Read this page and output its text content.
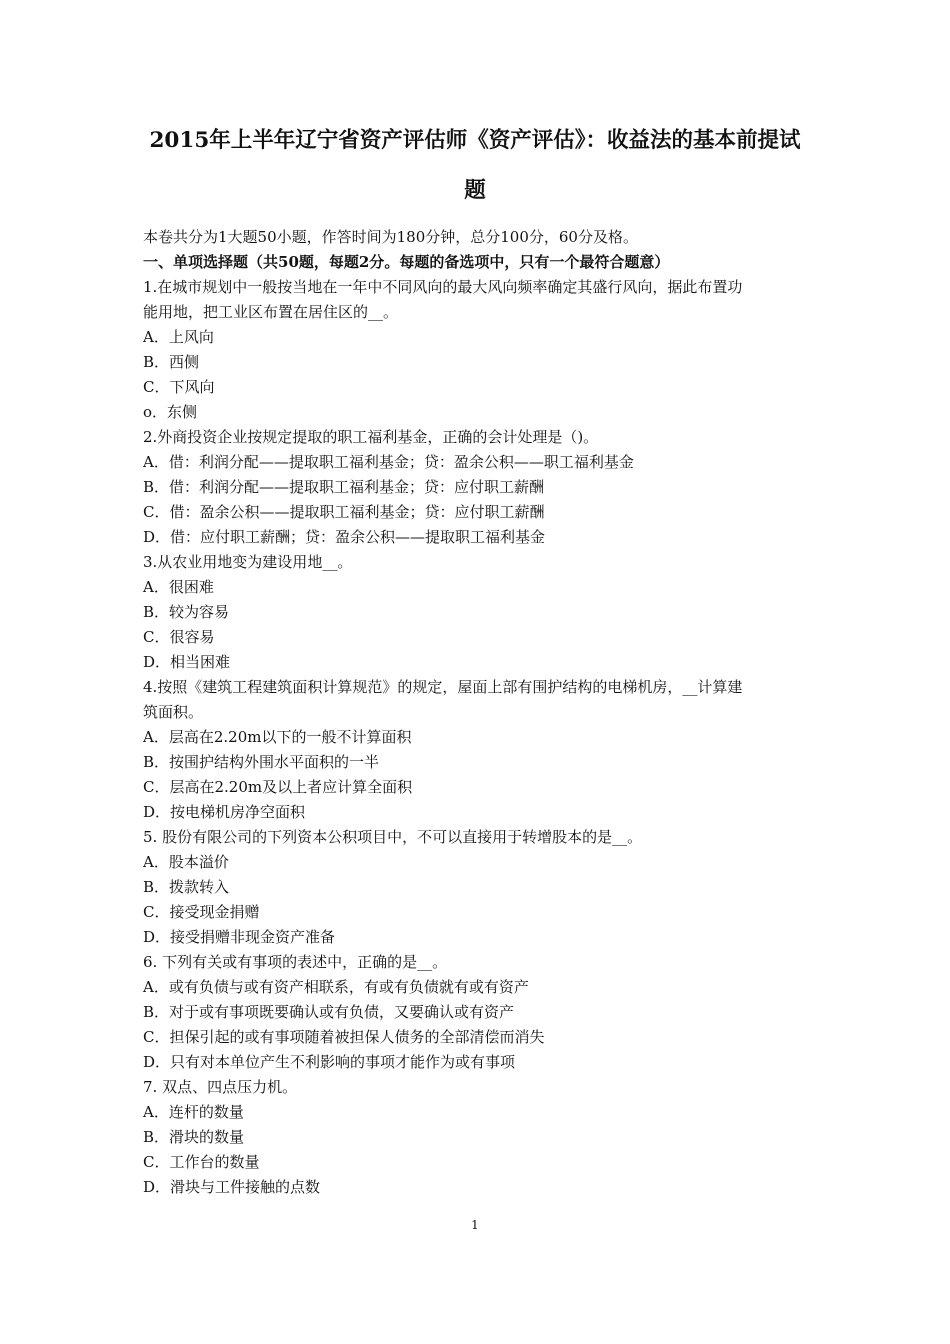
2015年上半年辽宁省资产评估师《资产评估》：收益法的基本前提试
题
本卷共分为1大题50小题，作答时间为180分钟，总分100分，60分及格。
一、单项选择题（共50题，每题2分。每题的备选项中，只有一个最符合题意）
1.在城市规划中一般按当地在一年中不同风向的最大风向频率确定其盛行风向，据此布置功
能用地，把工业区布置在居住区的__。
A．上风向
B．西侧
C．下风向
o．东侧
2.外商投资企业按规定提取的职工福利基金，正确的会计处理是（)。
A．借：利润分配——提取职工福利基金；贷：盈余公积——职工福利基金
B．借：利润分配——提取职工福利基金；贷：应付职工薪酬
C．借：盈余公积——提取职工福利基金；贷：应付职工薪酬
D．借：应付职工薪酬；贷：盈余公积——提取职工福利基金
3.从农业用地变为建设用地__。
A．很困难
B．较为容易
C．很容易
D．相当困难
4.按照《建筑工程建筑面积计算规范》的规定，屋面上部有围护结构的电梯机房，__计算建
筑面积。
A．层高在2.20m以下的一般不计算面积
B．按围护结构外围水平面积的一半
C．层高在2.20m及以上者应计算全面积
D．按电梯机房净空面积
5. 股份有限公司的下列资本公积项目中，不可以直接用于转增股本的是__。
A．股本溢价
B．拨款转入
C．接受现金捐赠
D．接受捐赠非现金资产准备
6. 下列有关或有事项的表述中，正确的是__。
A．或有负债与或有资产相联系，有或有负债就有或有资产
B．对于或有事项既要确认或有负债，又要确认或有资产
C．担保引起的或有事项随着被担保人债务的全部清偿而消失
D．只有对本单位产生不利影响的事项才能作为或有事项
7. 双点、四点压力机。
A．连杆的数量
B．滑块的数量
C．工作台的数量
D．滑块与工件接触的点数
1
